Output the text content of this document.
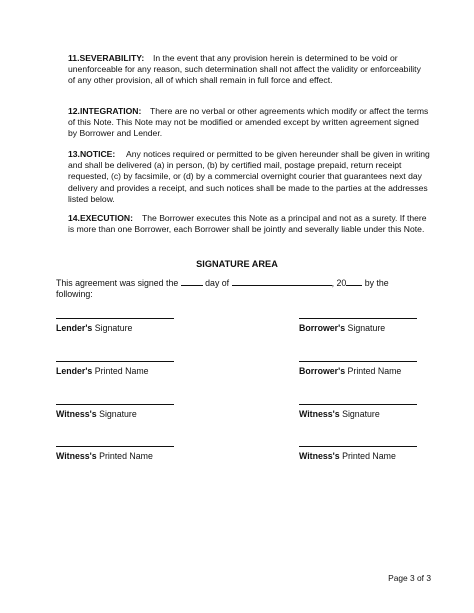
11.SEVERABILITY:	In the event that any provision herein is determined to be void or unenforceable for any reason, such determination shall not affect the validity or enforceability of any other provision, all of which shall remain in full force and effect.

12.INTEGRATION:	There are no verbal or other agreements which modify or affect the terms of this Note. This Note may not be modified or amended except by written agreement signed by Borrower and Lender.

13.NOTICE:	Any notices required or permitted to be given hereunder shall be given in writing and shall be delivered (a) in person, (b) by certified mail, postage prepaid, return receipt requested, (c) by facsimile, or (d) by a commercial overnight courier that guarantees next day delivery and provides a receipt, and such notices shall be made to the parties at the addresses listed below.

14.EXECUTION:	The Borrower executes this Note as a principal and not as a surety. If there is more than one Borrower, each Borrower shall be jointly and severally liable under this Note.

SIGNATURE AREA
This agreement was signed the	day of	, 20 by the
following:
Lender's Signature	Borrower's Signature
Lender's Printed Name	Borrower's Printed Name
Witness's Signature	Witness's Signature
Witness's Printed Name	Witness's Printed Name
Page 3 of 3
